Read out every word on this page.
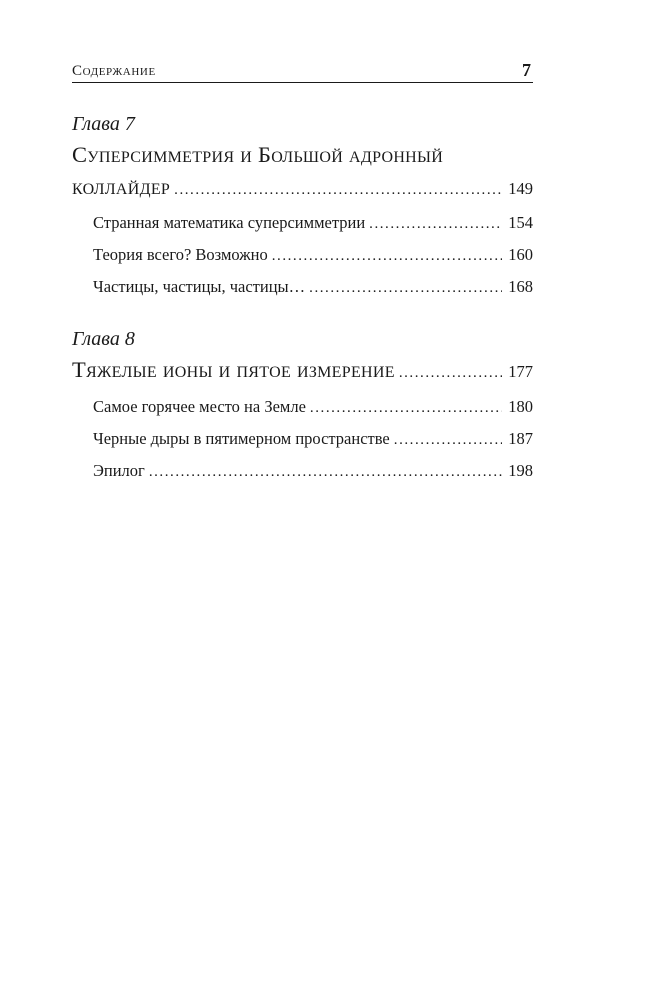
Содержание	7
Глава 7
Суперсимметрия и Большой адронный
коллайдер . . .	149
Странная математика суперсимметрии . . .	154
Теория всего? Возможно . . .	160
Частицы, частицы, частицы… . . .	168
Глава 8
Тяжелые ионы и пятое измерение . . .	177
Самое горячее место на Земле . . .	180
Черные дыры в пятимерном пространстве . . .	187
Эпилог . . .	198
